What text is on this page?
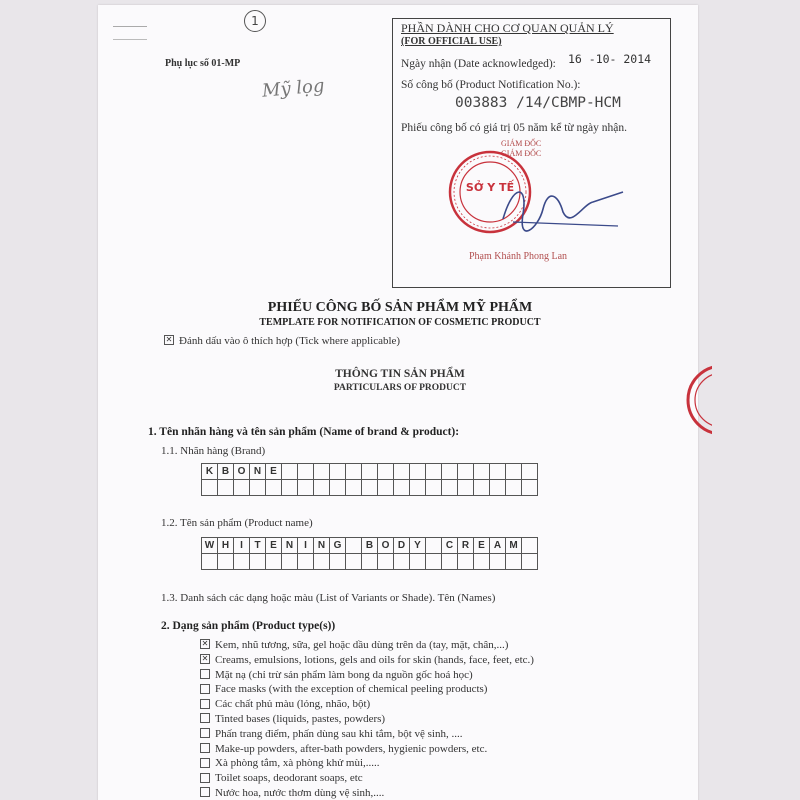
1
Phụ lục số 01-MP
Mỹ lọg
PHẦN DÀNH CHO CƠ QUAN QUẢN LÝ
(FOR OFFICIAL USE)
16 -10- 2014
Ngày nhận (Date acknowledged):
Số công bố (Product Notification No.):
003883 /14/CBMP-HCM
Phiếu công bố có giá trị 05 năm kể từ ngày nhận.
GIÁM ĐỐC
GIÁM ĐỐC
SỞ Y TẾ
Phạm Khánh Phong Lan
PHIẾU CÔNG BỐ SẢN PHẨM MỸ PHẨM
TEMPLATE FOR NOTIFICATION OF COSMETIC PRODUCT
✕ Đánh dấu vào ô thích hợp (Tick where applicable)
THÔNG TIN SẢN PHẨM
PARTICULARS OF PRODUCT
1. Tên nhãn hàng và tên sản phẩm (Name of brand & product):
1.1. Nhãn hàng (Brand)
K	B	O	N	E																

1.2. Tên sản phẩm (Product name)
W	H	I	T	E	N	I	N	G		B	O	D	Y		C	R	E	A	M	

1.3. Danh sách các dạng hoặc màu (List of Variants or Shade). Tên (Names)
2. Dạng sản phẩm (Product type(s))
✕ Kem, nhũ tương, sữa, gel hoặc dầu dùng trên da (tay, mặt, chân,...)
✕ Creams, emulsions, lotions, gels and oils for skin (hands, face, feet, etc.)
Mặt nạ (chỉ trừ sản phẩm làm bong da nguồn gốc hoá học)
Face masks (with the exception of chemical peeling products)
Các chất phủ màu (lỏng, nhão, bột)
Tinted bases (liquids, pastes, powders)
Phấn trang điểm, phấn dùng sau khi tắm, bột vệ sinh, ....
Make-up powders, after-bath powders, hygienic powders, etc.
Xà phòng tắm, xà phòng khử mùi,.....
Toilet soaps, deodorant soaps, etc
Nước hoa, nước thơm dùng vệ sinh,....
